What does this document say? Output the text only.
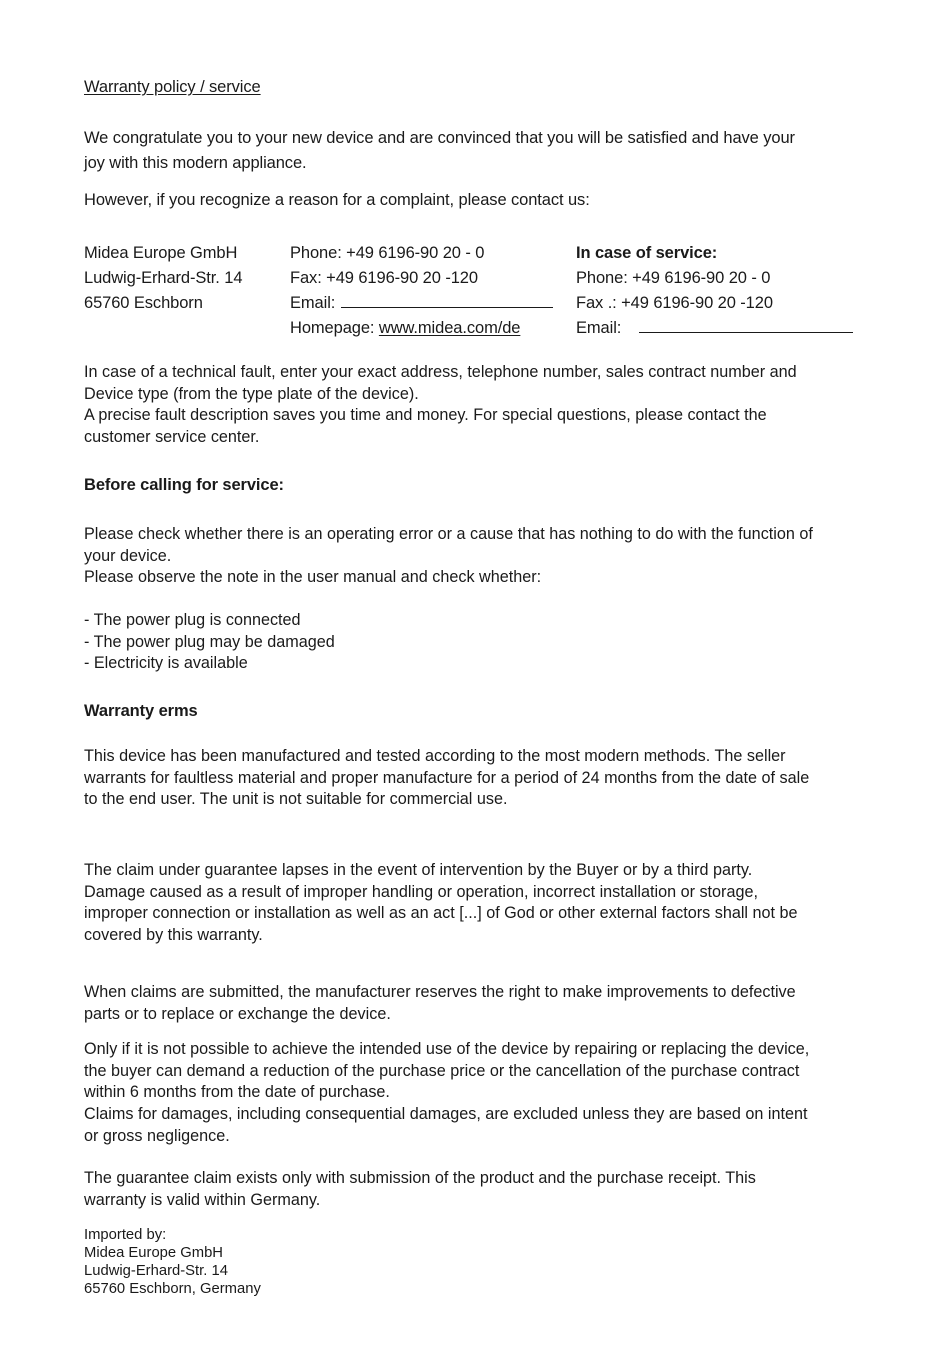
Warranty policy / service
We congratulate you to your new device and are convinced that you will be satisfied and have your
joy with this modern appliance.
However, if you recognize a reason for a complaint, please contact us:
Midea Europe GmbH
Ludwig-Erhard-Str. 14
65760 Eschborn
Phone: +49 6196-90 20 - 0
Fax: +49 6196-90 20 -120
Email:
Homepage: www.midea.com/de
In case of service:
Phone: +49 6196-90 20 - 0
Fax .: +49 6196-90 20 -120
Email:

In case of a technical fault, enter your exact address, telephone number, sales contract number and

Device type (from the type plate of the device).

A precise fault description saves you time and money. For special questions, please contact the

customer service center.

Before calling for service:

Please check whether there is an operating error or a cause that has nothing to do with the function of

your device.

Please observe the note in the user manual and check whether:

- The power plug is connected

- The power plug may be damaged

- Electricity is available

Warranty erms

This device has been manufactured and tested according to the most modern methods. The seller

warrants for faultless material and proper manufacture for a period of 24 months from the date of sale

to the end user. The unit is not suitable for commercial use.

The claim under guarantee lapses in the event of intervention by the Buyer or by a third party.

Damage caused as a result of improper handling or operation, incorrect installation or storage,

improper connection or installation as well as an act [...] of God or other external factors shall not be

covered by this warranty.

When claims are submitted, the manufacturer reserves the right to make improvements to defective

parts or to replace or exchange the device.

Only if it is not possible to achieve the intended use of the device by repairing or replacing the device,

the buyer can demand a reduction of the purchase price or the cancellation of the purchase contract

within 6 months from the date of purchase.

Claims for damages, including consequential damages, are excluded unless they are based on intent

or gross negligence.

The guarantee claim exists only with submission of the product and the purchase receipt. This

warranty is valid within Germany.

Imported by:

Midea Europe GmbH

Ludwig-Erhard-Str. 14

65760 Eschborn, Germany
